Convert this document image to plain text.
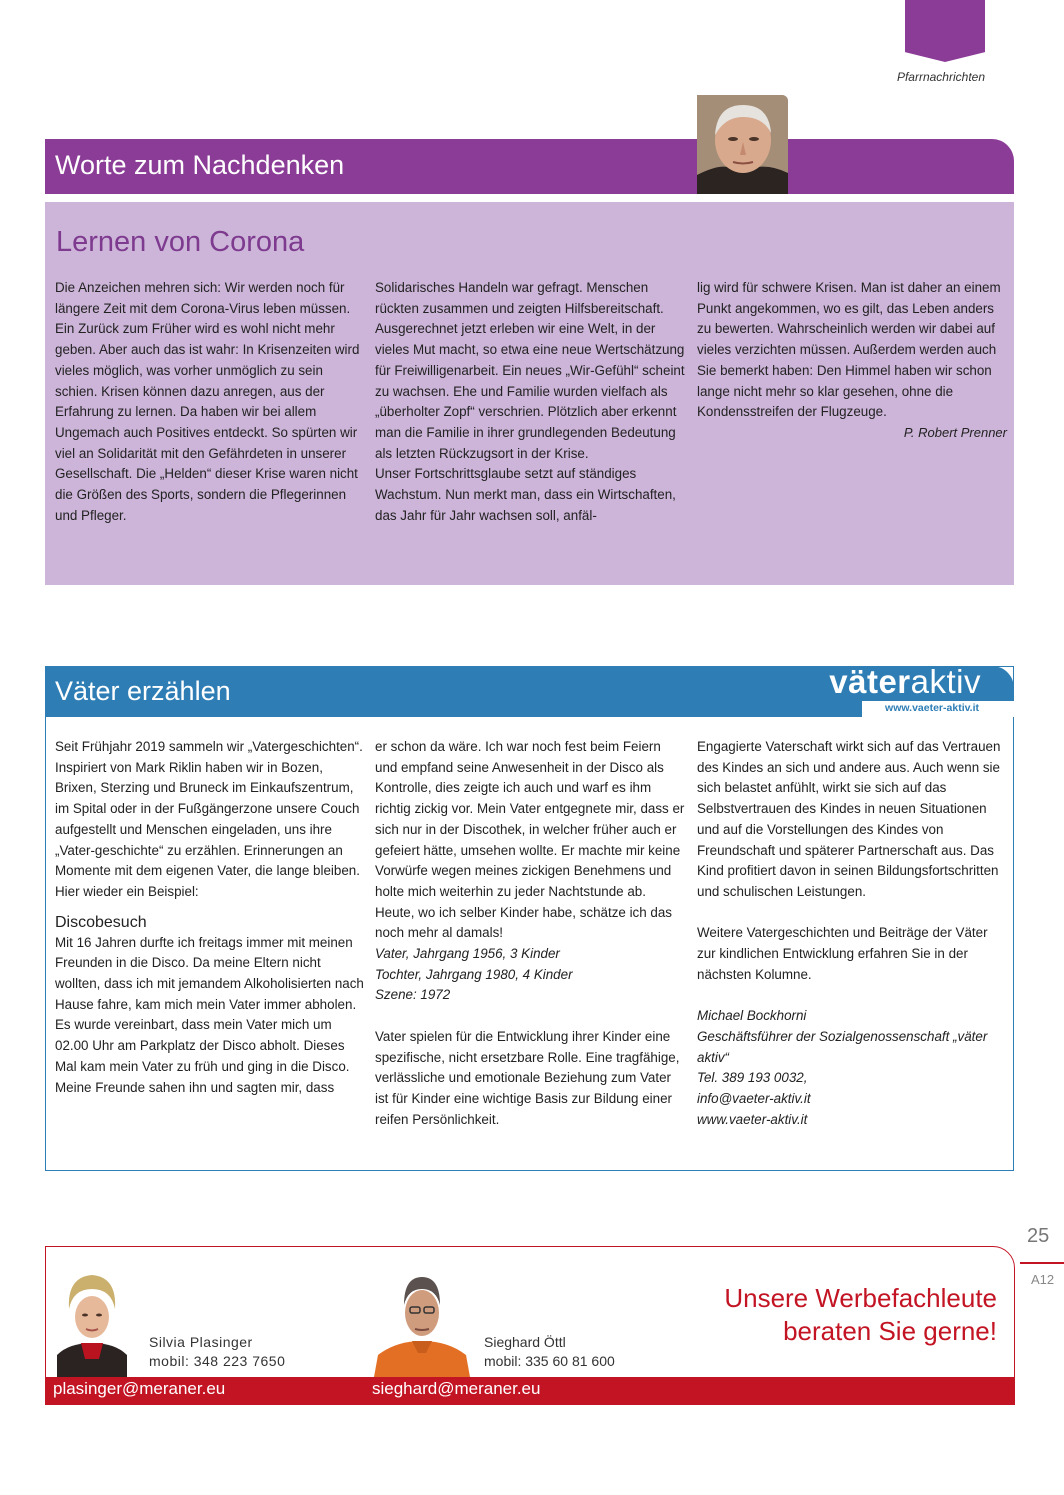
Pfarrnachrichten
Worte zum Nachdenken
Lernen von Corona

Die Anzeichen mehren sich: Wir werden noch für längere Zeit mit dem Corona-Virus leben müssen. Ein Zurück zum Früher wird es wohl nicht mehr geben. Aber auch das ist wahr: In Krisenzeiten wird vieles möglich, was vorher unmöglich zu sein schien. Krisen können dazu anregen, aus der Erfahrung zu lernen. Da haben wir bei allem Ungemach auch Positives entdeckt. So spürten wir viel an Solidarität mit den Gefährdeten in unserer Gesellschaft. Die „Helden“ dieser Krise waren nicht die Größen des Sports, sondern die Pflegerinnen und Pfleger.

Solidarisches Handeln war gefragt. Menschen rückten zusammen und zeigten Hilfsbereitschaft. Ausgerechnet jetzt erleben wir eine Welt, in der vieles Mut macht, so etwa eine neue Wertschätzung für Freiwilligenarbeit. Ein neues „Wir-Gefühl“ scheint zu wachsen. Ehe und Familie wurden vielfach als „überholter Zopf“ verschrien. Plötzlich aber erkennt man die Familie in ihrer grundlegenden Bedeutung als letzten Rückzugsort in der Krise.

Unser Fortschrittsglaube setzt auf ständiges Wachstum. Nun merkt man, dass ein Wirtschaften, das Jahr für Jahr wachsen soll, anfäl-

lig wird für schwere Krisen. Man ist daher an einem Punkt angekommen, wo es gilt, das Leben anders zu bewerten. Wahrscheinlich werden wir dabei auf vieles verzichten müssen. Außerdem werden auch Sie bemerkt haben: Den Himmel haben wir schon lange nicht mehr so klar gesehen, ohne die Kondensstreifen der Flugzeuge.

P. Robert Prenner

Väter erzählen	väteraktiv
www.vaeter-aktiv.it

Seit Frühjahr 2019 sammeln wir „Vatergeschichten“. Inspiriert von Mark Riklin haben wir in Bozen, Brixen, Sterzing und Bruneck im Einkaufszentrum, im Spital oder in der Fußgängerzone unsere Couch aufgestellt und Menschen eingeladen, uns ihre „Vater-geschichte“ zu erzählen. Erinnerungen an Momente mit dem eigenen Vater, die lange bleiben. Hier wieder ein Beispiel:

Discobesuch

Mit 16 Jahren durfte ich freitags immer mit meinen Freunden in die Disco. Da meine Eltern nicht wollten, dass ich mit jemandem Alkoholisierten nach Hause fahre, kam mich mein Vater immer abholen. Es wurde vereinbart, dass mein Vater mich um 02.00 Uhr am Parkplatz der Disco abholt. Dieses Mal kam mein Vater zu früh und ging in die Disco. Meine Freunde sahen ihn und sagten mir, dass

er schon da wäre. Ich war noch fest beim Feiern und empfand seine Anwesenheit in der Disco als Kontrolle, dies zeigte ich auch und warf es ihm richtig zickig vor. Mein Vater entgegnete mir, dass er sich nur in der Discothek, in welcher früher auch er gefeiert hätte, umsehen wollte. Er machte mir keine Vorwürfe wegen meines zickigen Benehmens und holte mich weiterhin zu jeder Nachtstunde ab. Heute, wo ich selber Kinder habe, schätze ich das noch mehr al damals!

Vater, Jahrgang 1956, 3 Kinder

Tochter, Jahrgang 1980, 4 Kinder

Szene: 1972

Vater spielen für die Entwicklung ihrer Kinder eine spezifische, nicht ersetzbare Rolle. Eine tragfähige, verlässliche und emotionale Beziehung zum Vater ist für Kinder eine wichtige Basis zur Bildung einer reifen Persönlichkeit.

Engagierte Vaterschaft wirkt sich auf das Vertrauen des Kindes an sich und andere aus. Auch wenn sie sich belastet anfühlt, wirkt sie sich auf das Selbstvertrauen des Kindes in neuen Situationen und auf die Vorstellungen des Kindes von Freundschaft und späterer Partnerschaft aus. Das Kind profitiert davon in seinen Bildungsfortschritten und schulischen Leistungen.

Weitere Vatergeschichten und Beiträge der Väter zur kindlichen Entwicklung erfahren Sie in der nächsten Kolumne.

Michael Bockhorni

Geschäftsführer der Sozialgenossenschaft „väter aktiv“

Tel. 389 193 0032,

info@vaeter-aktiv.it

www.vaeter-aktiv.it

25
A12
Silvia Plasinger
mobil: 348 223 7650
Sieghard Öttl
mobil: 335 60 81 600
Unsere Werbefachleute
beraten Sie gerne!
plasinger@meraner.eu	sieghard@meraner.eu
